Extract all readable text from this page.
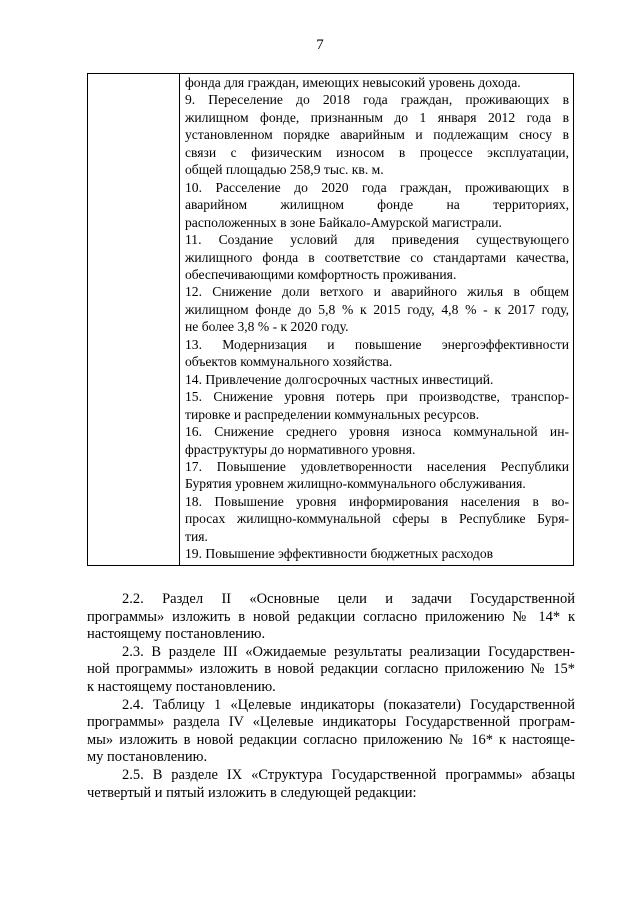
7

фонда для граждан, имеющих невысокий уровень дохода.
9. Переселение до 2018 года граждан, проживающих в
жилищном фонде, признанным до 1 января 2012 года в
установленном порядке аварийным и подлежащим сносу в
связи с физическим износом в процессе эксплуатации,
общей площадью 258,9 тыс. кв. м.
10. Расселение до 2020 года граждан, проживающих в
аварийном жилищном фонде на территориях,
расположенных в зоне Байкало-Амурской магистрали.
11. Создание условий для приведения существующего
жилищного фонда в соответствие со стандартами качества,
обеспечивающими комфортность проживания.
12. Снижение доли ветхого и аварийного жилья в общем
жилищном фонде до 5,8 % к 2015 году, 4,8 % - к 2017 году,
не более 3,8 % - к 2020 году.
13. Модернизация и повышение энергоэффективности
объектов коммунального хозяйства.
14. Привлечение долгосрочных частных инвестиций.
15. Снижение уровня потерь при производстве, транспор-
тировке и распределении коммунальных ресурсов.
16. Снижение среднего уровня износа коммунальной ин-
фраструктуры до нормативного уровня.
17. Повышение удовлетворенности населения Республики
Бурятия уровнем жилищно-коммунального обслуживания.
18. Повышение уровня информирования населения в во-
просах жилищно-коммунальной сферы в Республике Буря-
тия.
19. Повышение эффективности бюджетных расходов
2.2. Раздел II «Основные цели и задачи Государственной
программы» изложить в новой редакции согласно приложению № 14* к
настоящему постановлению.
2.3. В разделе III «Ожидаемые результаты реализации Государствен-
ной программы» изложить в новой редакции согласно приложению № 15*
к настоящему постановлению.
2.4. Таблицу 1 «Целевые индикаторы (показатели) Государственной
программы» раздела IV «Целевые индикаторы Государственной програм-
мы» изложить в новой редакции согласно приложению № 16* к настояще-
му постановлению.
2.5. В разделе IX «Структура Государственной программы» абзацы
четвертый и пятый изложить в следующей редакции:
